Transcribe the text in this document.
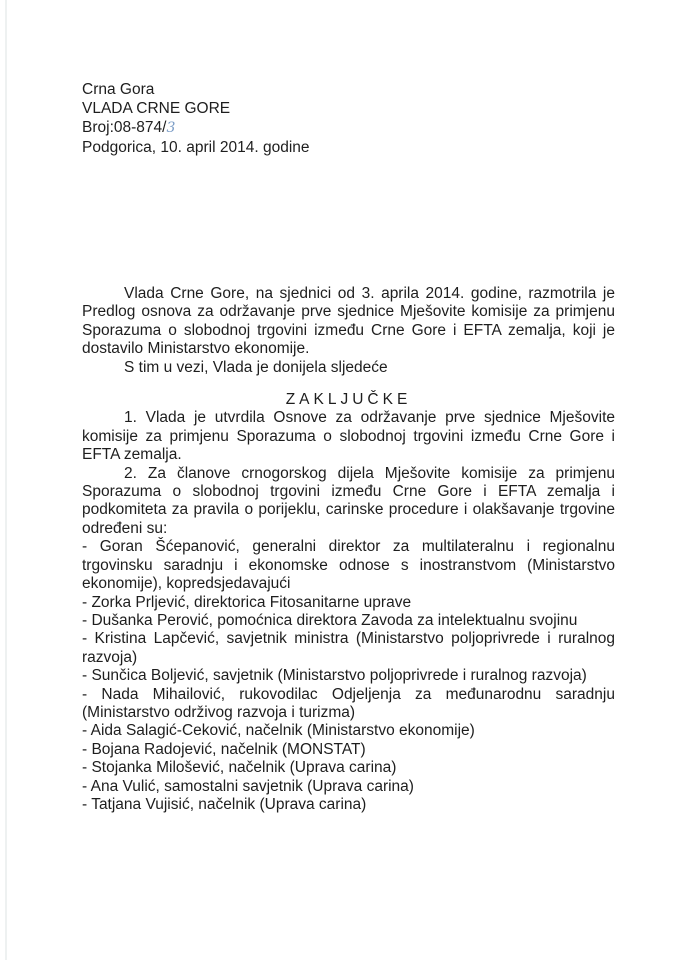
Crna Gora
VLADA CRNE GORE
Broj:08-874/3
Podgorica, 10. april 2014. godine

Vlada Crne Gore, na sjednici od 3. aprila 2014. godine, razmotrila je Predlog osnova za održavanje prve sjednice Mješovite komisije za primjenu Sporazuma o slobodnoj trgovini između Crne Gore i EFTA zemalja, koji je dostavilo Ministarstvo ekonomije.

S tim u vezi, Vlada je donijela sljedeće

ZAKLJUČKE

1. Vlada je utvrdila Osnove za održavanje prve sjednice Mješovite komisije za primjenu Sporazuma o slobodnoj trgovini između Crne Gore i EFTA zemalja.

2. Za članove crnogorskog dijela Mješovite komisije za primjenu Sporazuma o slobodnoj trgovini između Crne Gore i EFTA zemalja i podkomiteta za pravila o porijeklu, carinske procedure i olakšavanje trgovine određeni su:

- Goran Šćepanović, generalni direktor za multilateralnu i regionalnu trgovinsku saradnju i ekonomske odnose s inostranstvom (Ministarstvo ekonomije), kopredsjedavajući

- Zorka Prljević, direktorica Fitosanitarne uprave

- Dušanka Perović, pomoćnica direktora Zavoda za intelektualnu svojinu

- Kristina Lapčević, savjetnik ministra (Ministarstvo poljoprivrede i ruralnog razvoja)

- Sunčica Boljević, savjetnik (Ministarstvo poljoprivrede i ruralnog razvoja)

- Nada Mihailović, rukovodilac Odjeljenja za međunarodnu saradnju (Ministarstvo održivog razvoja i turizma)

- Aida Salagić-Ceković, načelnik (Ministarstvo ekonomije)

- Bojana Radojević, načelnik (MONSTAT)

- Stojanka Milošević, načelnik (Uprava carina)

- Ana Vulić, samostalni savjetnik (Uprava carina)

- Tatjana Vujisić, načelnik (Uprava carina)
